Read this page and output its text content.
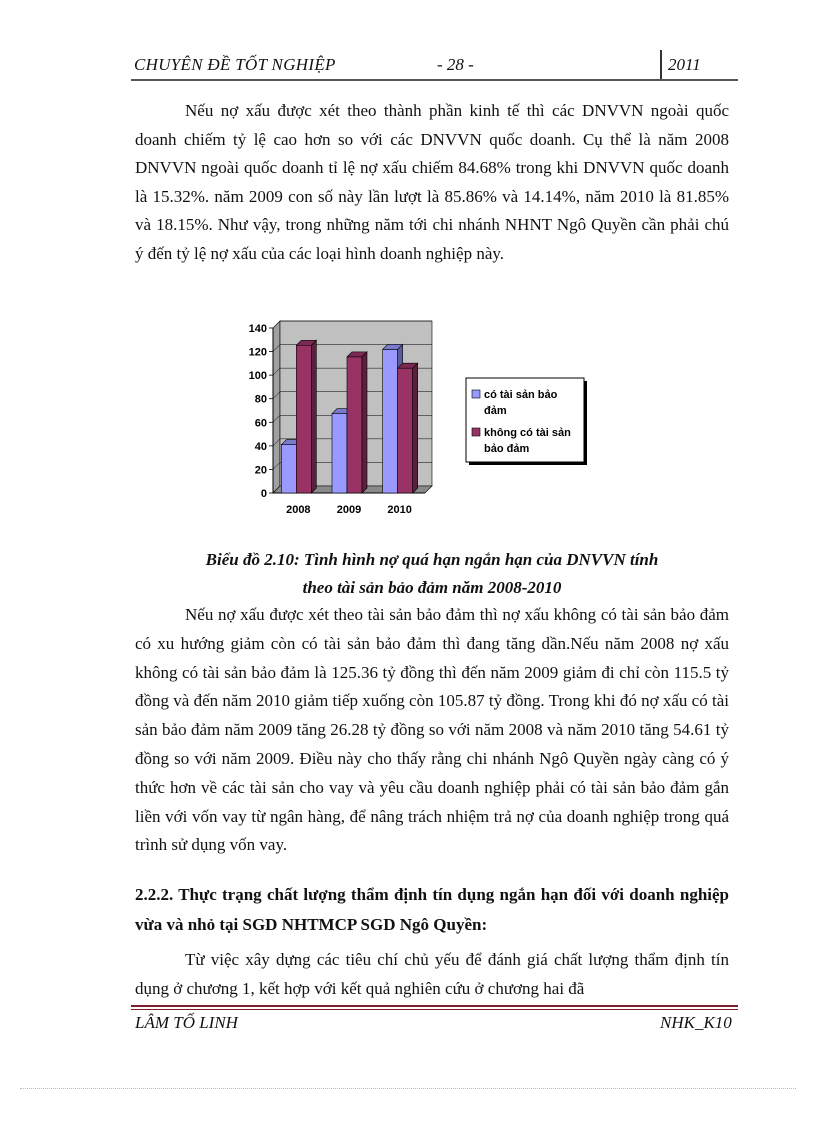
CHUYÊN ĐỀ TỐT NGHIỆP	- 28 -	2011

Nếu nợ xấu được xét theo thành phần kinh tế thì các DNVVN ngoài quốc doanh chiếm tỷ lệ cao hơn so với các DNVVN quốc doanh. Cụ thể là năm 2008 DNVVN ngoài quốc doanh tỉ lệ nợ xấu chiếm 84.68% trong khi DNVVN quốc doanh là 15.32%. năm 2009 con số này lần lượt là 85.86% và 14.14%, năm 2010 là 81.85% và 18.15%. Như vậy, trong những năm tới chi nhánh NHNT Ngô Quyền cần phải chú ý đến tỷ lệ nợ xấu của các loại hình doanh nghiệp này.

0
20
40
60
80
100
120
140
2008 2009 2010
có tài sản bảo
đảm
không có tài sản
bảo đảm

Biểu đồ 2.10: Tình hình nợ quá hạn ngắn hạn của DNVVN tính

theo tài sản bảo đảm năm 2008-2010

Nếu nợ xấu được xét theo tài sản bảo đảm thì nợ xấu không có tài sản bảo đảm có xu hướng giảm còn có tài sản bảo đảm thì đang tăng dần.Nếu năm 2008 nợ xấu không có tài sản bảo đảm là 125.36 tỷ đồng thì đến năm 2009 giảm đi chỉ còn 115.5 tỷ đồng và đến năm 2010 giảm tiếp xuống còn 105.87 tỷ đồng. Trong khi đó nợ xấu có tài sản bảo đảm năm 2009 tăng 26.28 tỷ đồng so với năm 2008 và năm 2010 tăng 54.61 tỷ đồng so với năm 2009. Điều này cho thấy rằng chi nhánh Ngô Quyền ngày càng có ý thức hơn về các tài sản cho vay và yêu cầu doanh nghiệp phải có tài sản bảo đảm gắn liền với vốn vay từ ngân hàng, để nâng trách nhiệm trả nợ của doanh nghiệp trong quá trình sử dụng vốn vay.

2.2.2. Thực trạng chất lượng thẩm định tín dụng ngắn hạn đối với doanh nghiệp vừa và nhỏ tại SGD NHTMCP SGD Ngô Quyền:

Từ việc xây dựng các tiêu chí chủ yếu để đánh giá chất lượng thẩm định tín dụng ở chương 1, kết hợp với kết quả nghiên cứu ở chương hai đã

LÂM TỐ LINH	NHK_K10
